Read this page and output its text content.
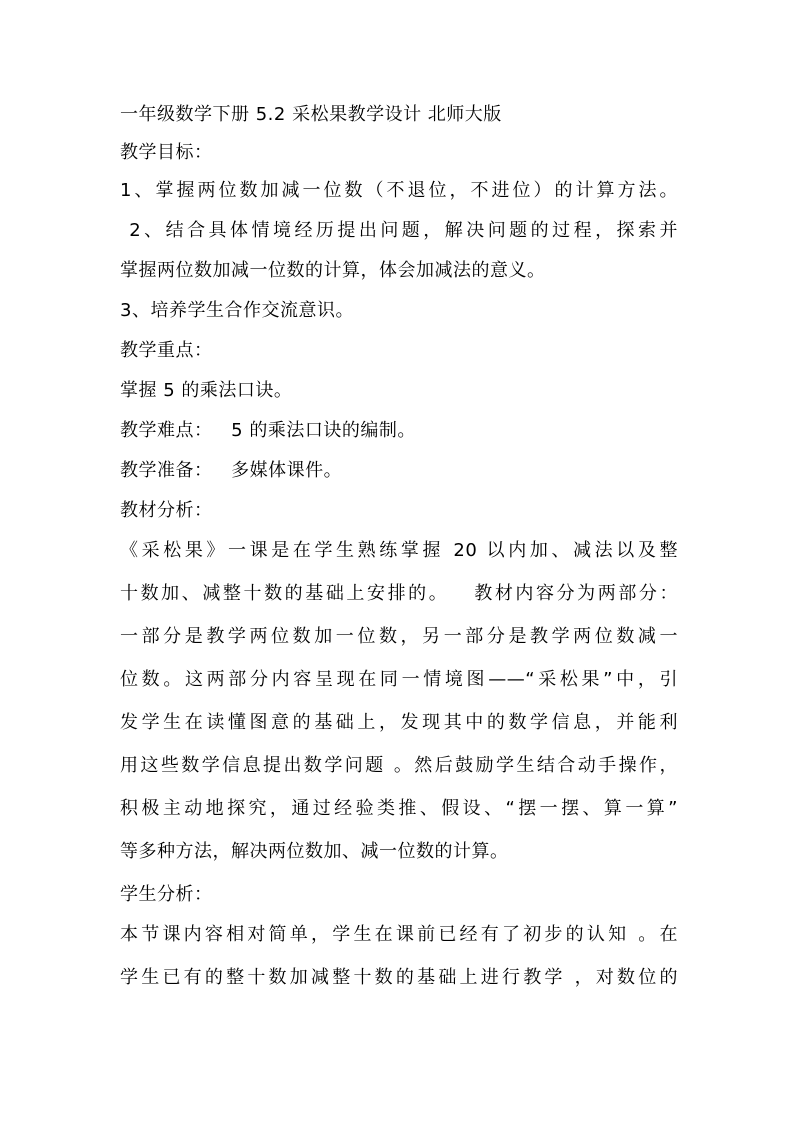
一年级数学下册 5.2 采松果教学设计 北师大版
教学目标：
1、掌握两位数加减一位数（不退位，不进位）的计算方法。
2、结合具体情境经历提出问题，解决问题的过程，探索并
掌握两位数加减一位数的计算，体会加减法的意义。
3、培养学生合作交流意识。
教学重点：
掌握 5 的乘法口诀。
教学难点：   5 的乘法口诀的编制。
教学准备：   多媒体课件。
教材分析：
《采松果》一课是在学生熟练掌握 20 以内加、减法以及整
十数加、减整十数的基础上安排的。   教材内容分为两部分：
一部分是教学两位数加一位数，另一部分是教学两位数减一
位数。这两部分内容呈现在同一情境图——“采松果”中，引
发学生在读懂图意的基础上，发现其中的数学信息，并能利
用这些数学信息提出数学问题 。然后鼓励学生结合动手操作，
积极主动地探究，通过经验类推、假设、“摆一摆、算一算”
等多种方法，解决两位数加、减一位数的计算。
学生分析：
本节课内容相对简单，学生在课前已经有了初步的认知 。在
学生已有的整十数加减整十数的基础上进行教学 ，对数位的
